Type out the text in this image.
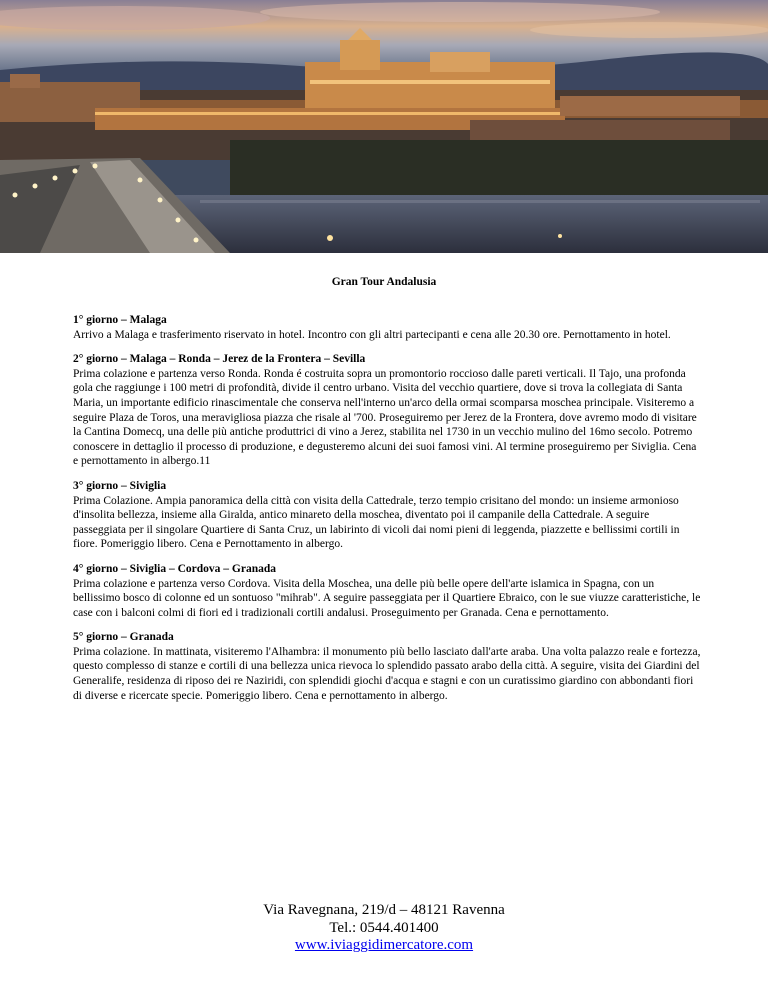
Gran Tour Andalusia
1° giorno – Malaga
Arrivo a Malaga e trasferimento riservato in hotel. Incontro con gli altri partecipanti e cena alle 20.30 ore. Pernottamento in hotel.
2° giorno – Malaga – Ronda – Jerez de la Frontera – Sevilla
Prima colazione e partenza verso Ronda. Ronda é costruita sopra un promontorio roccioso dalle pareti verticali. Il Tajo, una profonda gola che raggiunge i 100 metri di profondità, divide il centro urbano. Visita del vecchio quartiere, dove si trova la collegiata di Santa Maria, un importante edificio rinascimentale che conserva nell'interno un'arco della ormai scomparsa moschea principale. Visiteremo a seguire Plaza de Toros, una meravigliosa piazza che risale al '700. Proseguiremo per Jerez de la Frontera, dove avremo modo di visitare la Cantina Domecq, una delle più antiche produttrici di vino a Jerez, stabilita nel 1730 in un vecchio mulino del 16mo secolo. Potremo conoscere in dettaglio il processo di produzione, e degusteremo alcuni dei suoi famosi vini. Al termine proseguiremo per Siviglia. Cena e pernottamento in albergo.11
3° giorno – Siviglia
Prima Colazione. Ampia panoramica della città con visita della Cattedrale, terzo tempio crisitano del mondo: un insieme armonioso d'insolita bellezza, insieme alla Giralda, antico minareto della moschea, diventato poi il campanile della Cattedrale. A seguire passeggiata per il singolare Quartiere di Santa Cruz, un labirinto di vicoli dai nomi pieni di leggenda, piazzette e bellissimi cortili in fiore. Pomeriggio libero. Cena e Pernottamento in albergo.
4° giorno – Siviglia – Cordova – Granada
Prima colazione e partenza verso Cordova. Visita della Moschea, una delle più belle opere dell'arte islamica in Spagna, con un bellissimo bosco di colonne ed un sontuoso "mihrab". A seguire passeggiata per il Quartiere Ebraico, con le sue viuzze caratteristiche, le case con i balconi colmi di fiori ed i tradizionali cortili andalusi. Proseguimento per Granada. Cena e pernottamento.
5° giorno – Granada
Prima colazione. In mattinata, visiteremo l'Alhambra: il monumento più bello lasciato dall'arte araba. Una volta palazzo reale e fortezza, questo complesso di stanze e cortili di una bellezza unica rievoca lo splendido passato arabo della città. A seguire, visita dei Giardini del Generalife, residenza di riposo dei re Naziridi, con splendidi giochi d'acqua e stagni e con un curatissimo giardino con abbondanti fiori di diverse e ricercate specie. Pomeriggio libero. Cena e pernottamento in albergo.
Via Ravegnana, 219/d – 48121 Ravenna
Tel.: 0544.401400
www.iviaggidimercatore.com
